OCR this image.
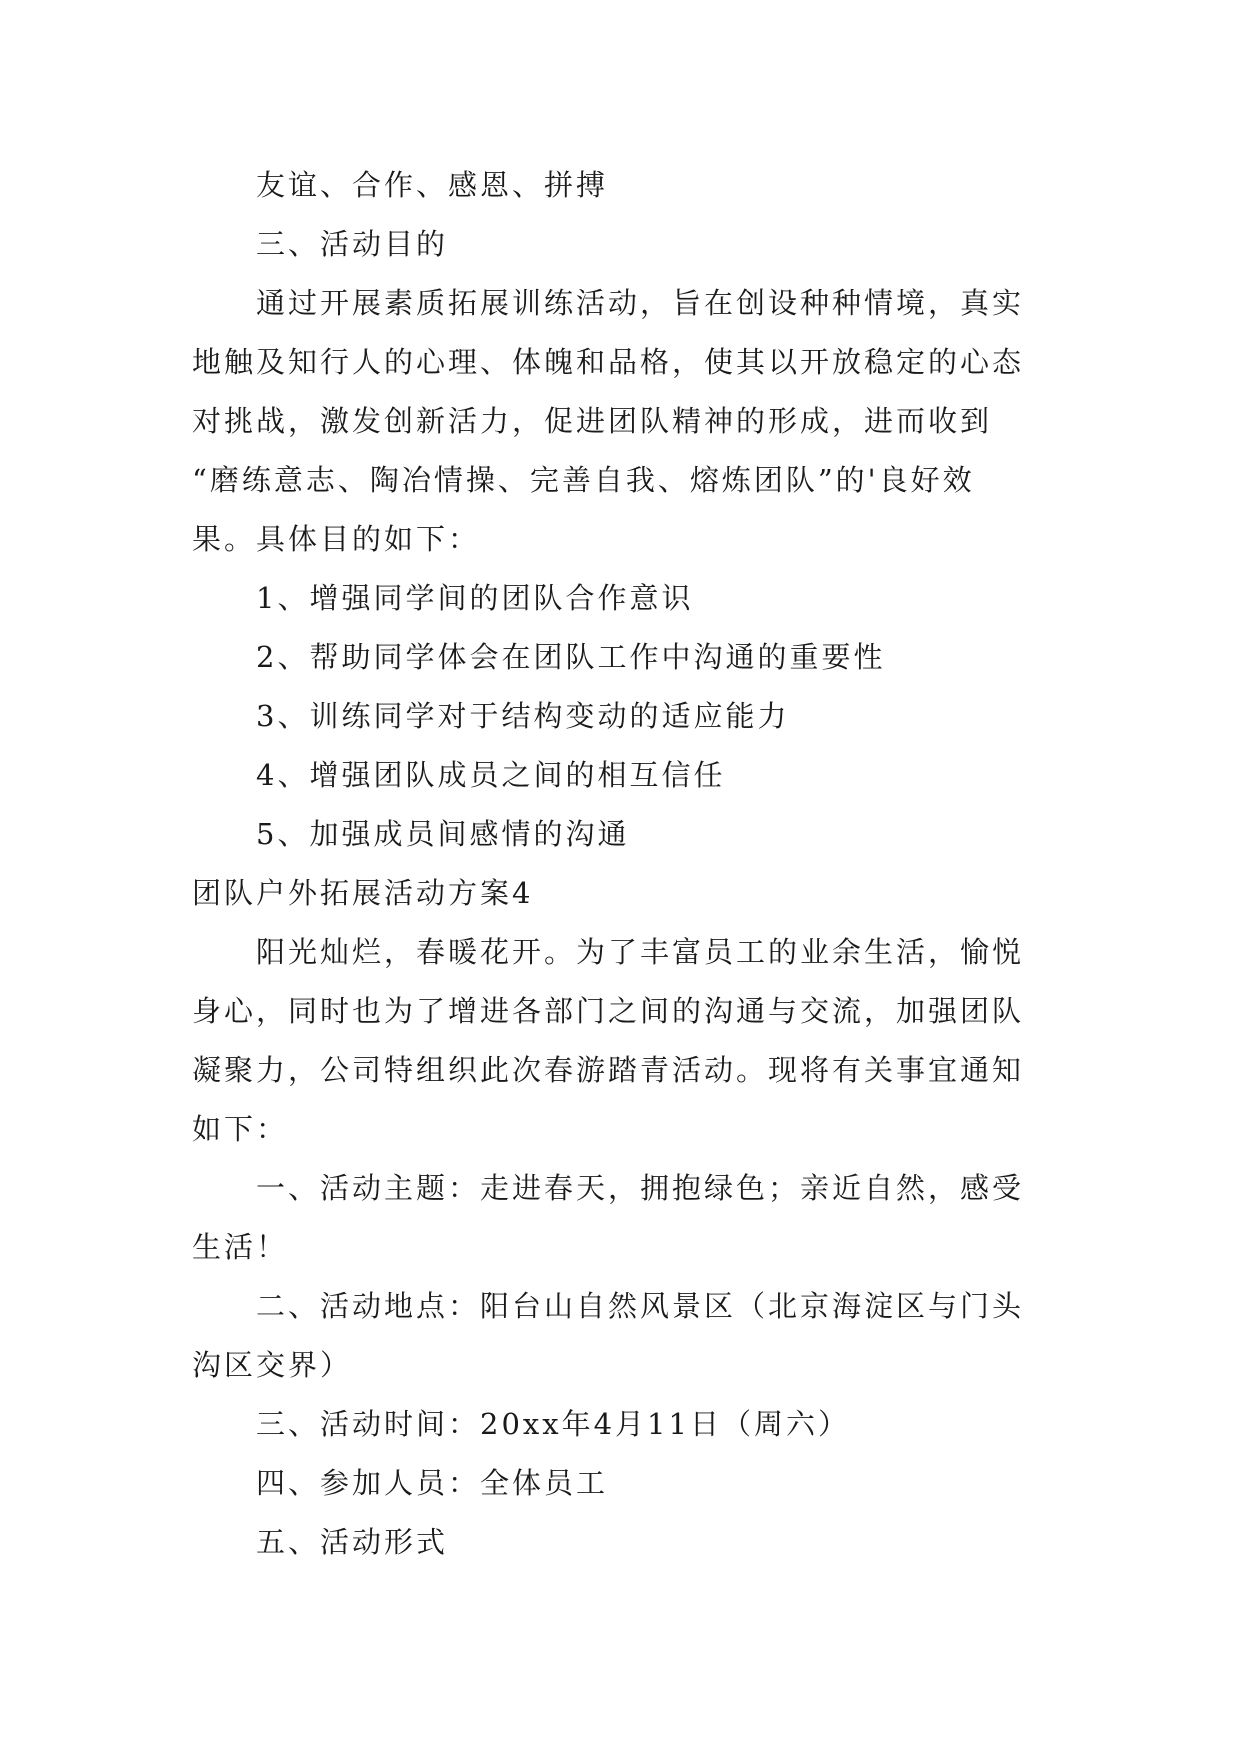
友谊、合作、感恩、拼搏
三、活动目的
通过开展素质拓展训练活动，旨在创设种种情境，真实
地触及知行人的心理、体魄和品格，使其以开放稳定的心态
对挑战，激发创新活力，促进团队精神的形成，进而收到
“磨练意志、陶冶情操、完善自我、熔炼团队”的'良好效
果。具体目的如下：
1、增强同学间的团队合作意识
2、帮助同学体会在团队工作中沟通的重要性
3、训练同学对于结构变动的适应能力
4、增强团队成员之间的相互信任
5、加强成员间感情的沟通
团队户外拓展活动方案4
阳光灿烂，春暖花开。为了丰富员工的业余生活，愉悦
身心，同时也为了增进各部门之间的沟通与交流，加强团队
凝聚力，公司特组织此次春游踏青活动。现将有关事宜通知
如下：
一、活动主题：走进春天，拥抱绿色；亲近自然，感受
生活！
二、活动地点：阳台山自然风景区（北京海淀区与门头
沟区交界）
三、活动时间：20xx年4月11日（周六）
四、参加人员：全体员工
五、活动形式
